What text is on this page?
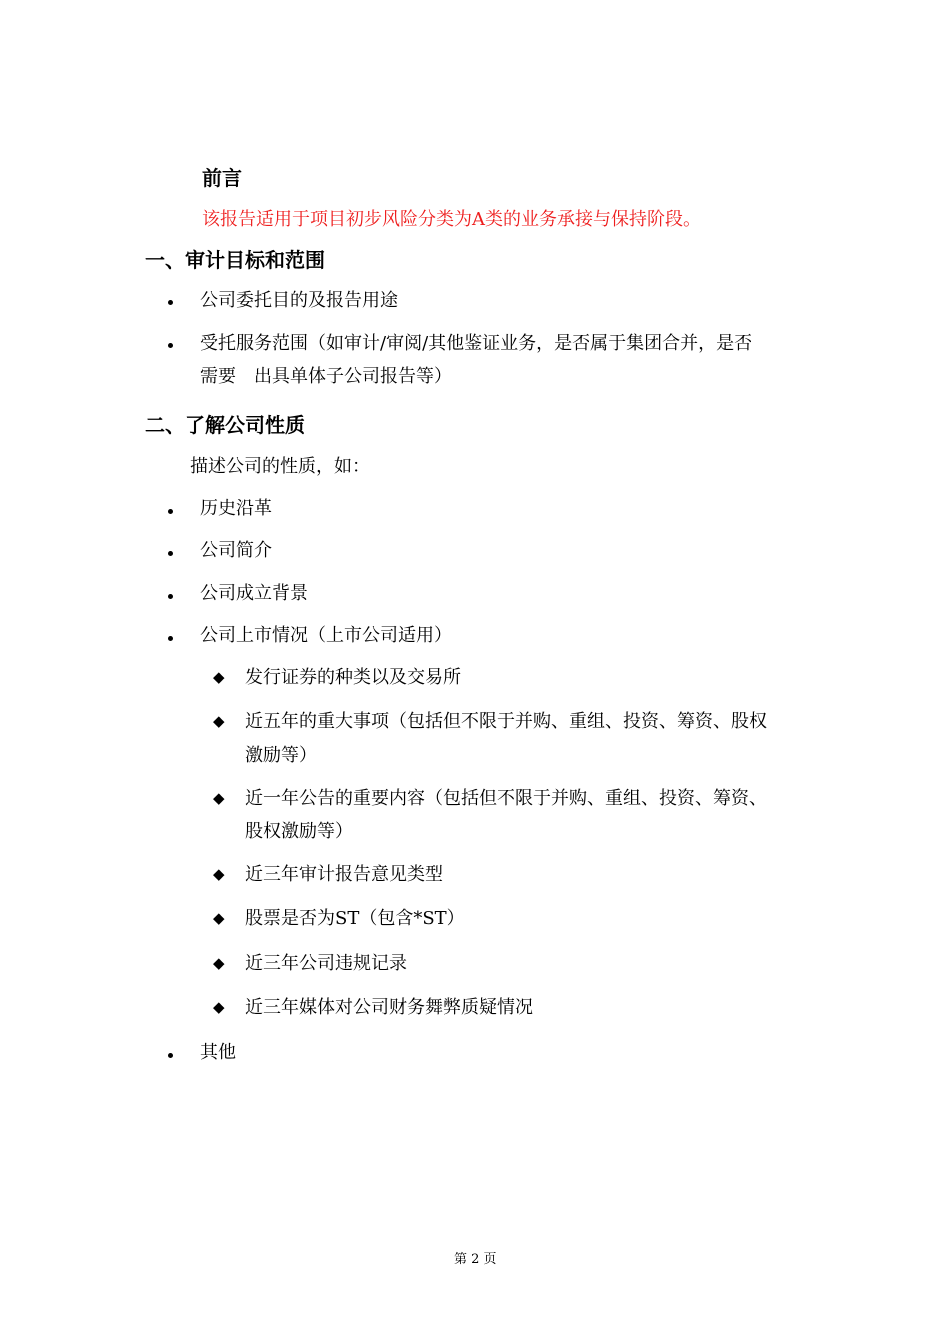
前言
该报告适用于项目初步风险分类为A类的业务承接与保持阶段。
一、审计目标和范围
公司委托目的及报告用途
受托服务范围（如审计/审阅/其他鉴证业务，是否属于集团合并，是否
需要　出具单体子公司报告等）
二、了解公司性质
描述公司的性质，如：
历史沿革
公司简介
公司成立背景
公司上市情况（上市公司适用）
◆ 发行证券的种类以及交易所
◆ 近五年的重大事项（包括但不限于并购、重组、投资、筹资、股权
激励等）
◆ 近一年公告的重要内容（包括但不限于并购、重组、投资、筹资、
股权激励等）
◆ 近三年审计报告意见类型
◆ 股票是否为ST（包含*ST）
◆ 近三年公司违规记录
◆ 近三年媒体对公司财务舞弊质疑情况
其他
第 2 页
